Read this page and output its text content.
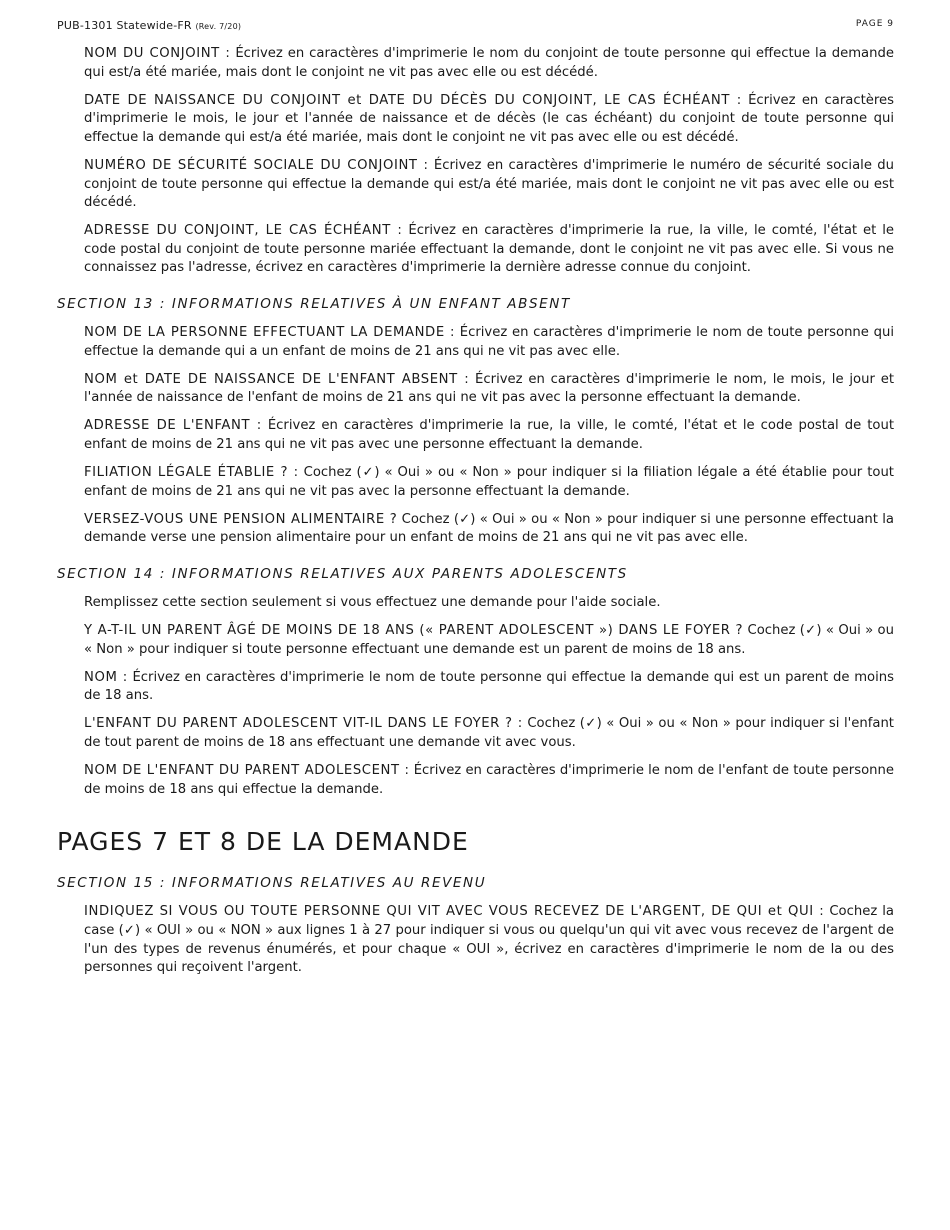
PUB-1301 Statewide-FR (Rev. 7/20)	PAGE 9

NOM DU CONJOINT : Écrivez en caractères d'imprimerie le nom du conjoint de toute personne qui effectue la demande qui est/a été mariée, mais dont le conjoint ne vit pas avec elle ou est décédé.

DATE DE NAISSANCE DU CONJOINT et DATE DU DÉCÈS DU CONJOINT, LE CAS ÉCHÉANT : Écrivez en caractères d'imprimerie le mois, le jour et l'année de naissance et de décès (le cas échéant) du conjoint de toute personne qui effectue la demande qui est/a été mariée, mais dont le conjoint ne vit pas avec elle ou est décédé.

NUMÉRO DE SÉCURITÉ SOCIALE DU CONJOINT : Écrivez en caractères d'imprimerie le numéro de sécurité sociale du conjoint de toute personne qui effectue la demande qui est/a été mariée, mais dont le conjoint ne vit pas avec elle ou est décédé.

ADRESSE DU CONJOINT, LE CAS ÉCHÉANT : Écrivez en caractères d'imprimerie la rue, la ville, le comté, l'état et le code postal du conjoint de toute personne mariée effectuant la demande, dont le conjoint ne vit pas avec elle. Si vous ne connaissez pas l'adresse, écrivez en caractères d'imprimerie la dernière adresse connue du conjoint.

SECTION 13 : INFORMATIONS RELATIVES À UN ENFANT ABSENT

NOM DE LA PERSONNE EFFECTUANT LA DEMANDE : Écrivez en caractères d'imprimerie le nom de toute personne qui effectue la demande qui a un enfant de moins de 21 ans qui ne vit pas avec elle.

NOM et DATE DE NAISSANCE DE L'ENFANT ABSENT : Écrivez en caractères d'imprimerie le nom, le mois, le jour et l'année de naissance de l'enfant de moins de 21 ans qui ne vit pas avec la personne effectuant la demande.

ADRESSE DE L'ENFANT : Écrivez en caractères d'imprimerie la rue, la ville, le comté, l'état et le code postal de tout enfant de moins de 21 ans qui ne vit pas avec une personne effectuant la demande.

FILIATION LÉGALE ÉTABLIE ? : Cochez (✓) « Oui » ou « Non » pour indiquer si la filiation légale a été établie pour tout enfant de moins de 21 ans qui ne vit pas avec la personne effectuant la demande.

VERSEZ-VOUS UNE PENSION ALIMENTAIRE ? Cochez (✓) « Oui » ou « Non » pour indiquer si une personne effectuant la demande verse une pension alimentaire pour un enfant de moins de 21 ans qui ne vit pas avec elle.

SECTION 14 : INFORMATIONS RELATIVES AUX PARENTS ADOLESCENTS

Remplissez cette section seulement si vous effectuez une demande pour l'aide sociale.

Y A-T-IL UN PARENT ÂGÉ DE MOINS DE 18 ANS (« PARENT ADOLESCENT ») DANS LE FOYER ? Cochez (✓) « Oui » ou « Non » pour indiquer si toute personne effectuant une demande est un parent de moins de 18 ans.

NOM : Écrivez en caractères d'imprimerie le nom de toute personne qui effectue la demande qui est un parent de moins de 18 ans.

L'ENFANT DU PARENT ADOLESCENT VIT-IL DANS LE FOYER ? : Cochez (✓) « Oui » ou « Non » pour indiquer si l'enfant de tout parent de moins de 18 ans effectuant une demande vit avec vous.

NOM DE L'ENFANT DU PARENT ADOLESCENT : Écrivez en caractères d'imprimerie le nom de l'enfant de toute personne de moins de 18 ans qui effectue la demande.

PAGES 7 ET 8 DE LA DEMANDE
SECTION 15 : INFORMATIONS RELATIVES AU REVENU

INDIQUEZ SI VOUS OU TOUTE PERSONNE QUI VIT AVEC VOUS RECEVEZ DE L'ARGENT, DE QUI et QUI : Cochez la case (✓) « OUI » ou « NON » aux lignes 1 à 27 pour indiquer si vous ou quelqu'un qui vit avec vous recevez de l'argent de l'un des types de revenus énumérés, et pour chaque « OUI », écrivez en caractères d'imprimerie le nom de la ou des personnes qui reçoivent l'argent.
